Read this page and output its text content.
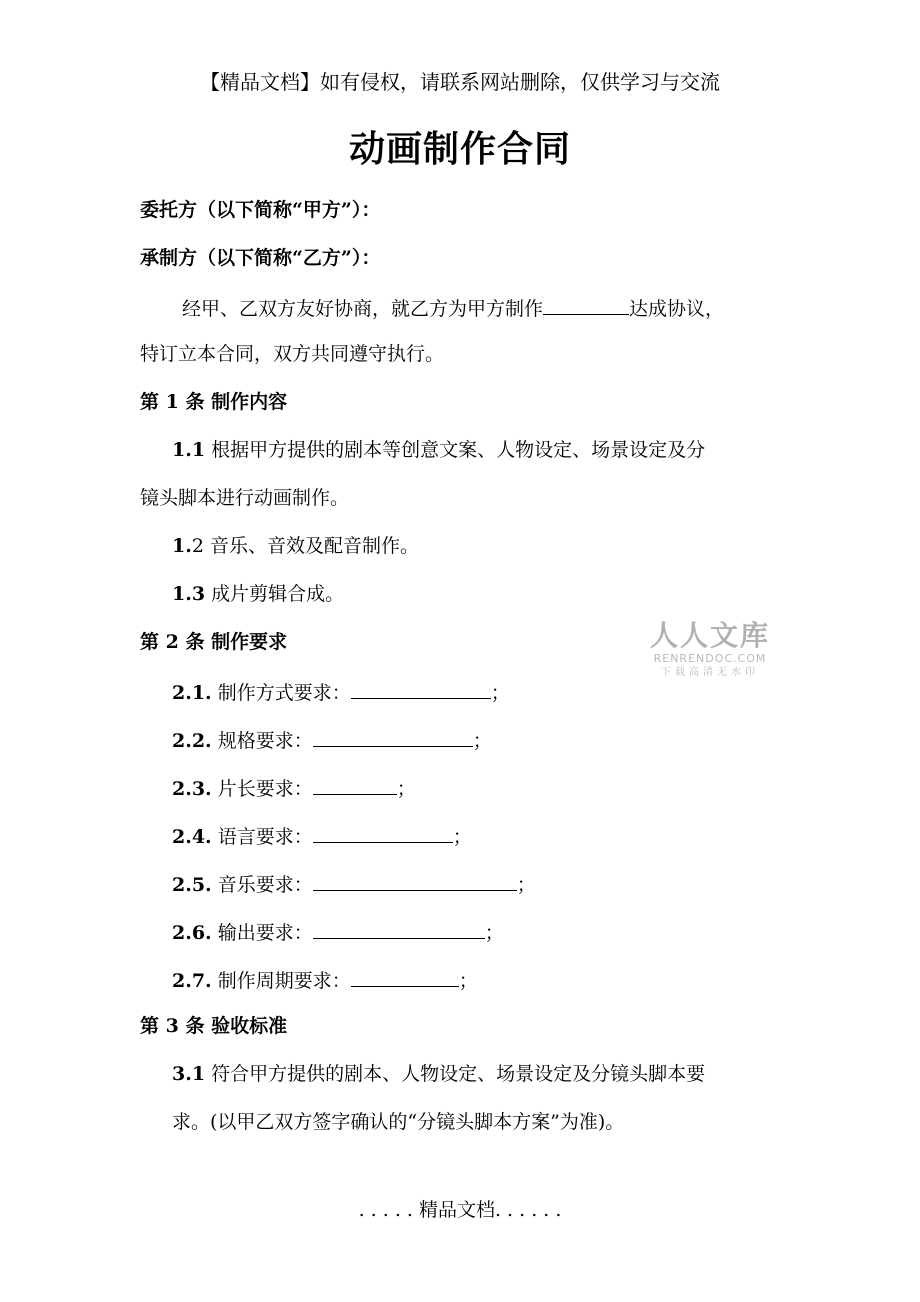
【精品文档】如有侵权，请联系网站删除，仅供学习与交流
动画制作合同
委托方（以下简称“甲方”）：
承制方（以下简称“乙方”）：
经甲、乙双方友好协商，就乙方为甲方制作	达成协议，
特订立本合同，双方共同遵守执行。
第 1 条 制作内容
1.1 根据甲方提供的剧本等创意文案、人物设定、场景设定及分
镜头脚本进行动画制作。
1.2 音乐、音效及配音制作。
1.3 成片剪辑合成。
第 2 条 制作要求
2.1. 制作方式要求：	；
2.2. 规格要求：	；
2.3. 片长要求：	；
2.4. 语言要求：	；
2.5. 音乐要求：	；
2.6. 输出要求：	；
2.7. 制作周期要求：	；
第 3 条 验收标准
3.1 符合甲方提供的剧本、人物设定、场景设定及分镜头脚本要
求。(以甲乙双方签字确认的“分镜头脚本方案”为准)。
人人文库
RENRENDOC.COM
下载高清无水印
. . . . . 精品文档. . . . . .
